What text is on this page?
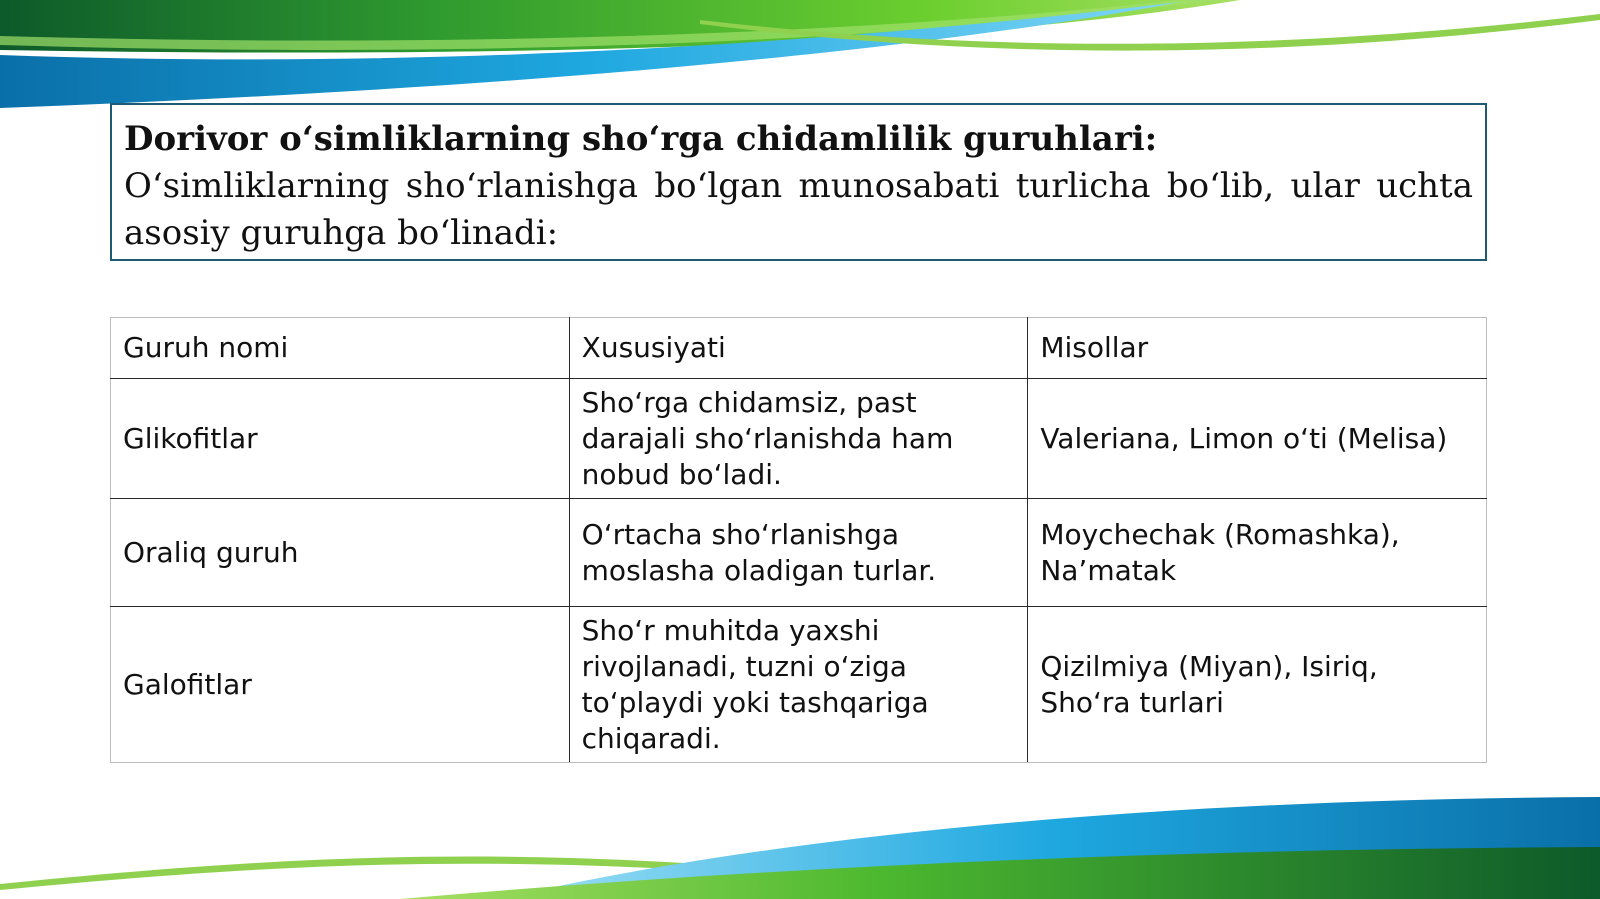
Dorivor o‘simliklarning sho‘rga chidamlilik guruhlari:

O‘simliklarning sho‘rlanishga bo‘lgan munosabati turlicha bo‘lib, ular uchta asosiy guruhga bo‘linadi:

Guruh nomi	Xususiyati	Misollar
Glikofitlar	Sho‘rga chidamsiz, past darajali sho‘rlanishda ham nobud bo‘ladi.	Valeriana, Limon o‘ti (Melisa)
Oraliq guruh	O‘rtacha sho‘rlanishga moslasha oladigan turlar.	Moychechak (Romashka), Na’matak
Galofitlar	Sho‘r muhitda yaxshi rivojlanadi, tuzni o‘ziga to‘playdi yoki tashqariga chiqaradi.	Qizilmiya (Miyan), Isiriq, Sho‘ra turlari
